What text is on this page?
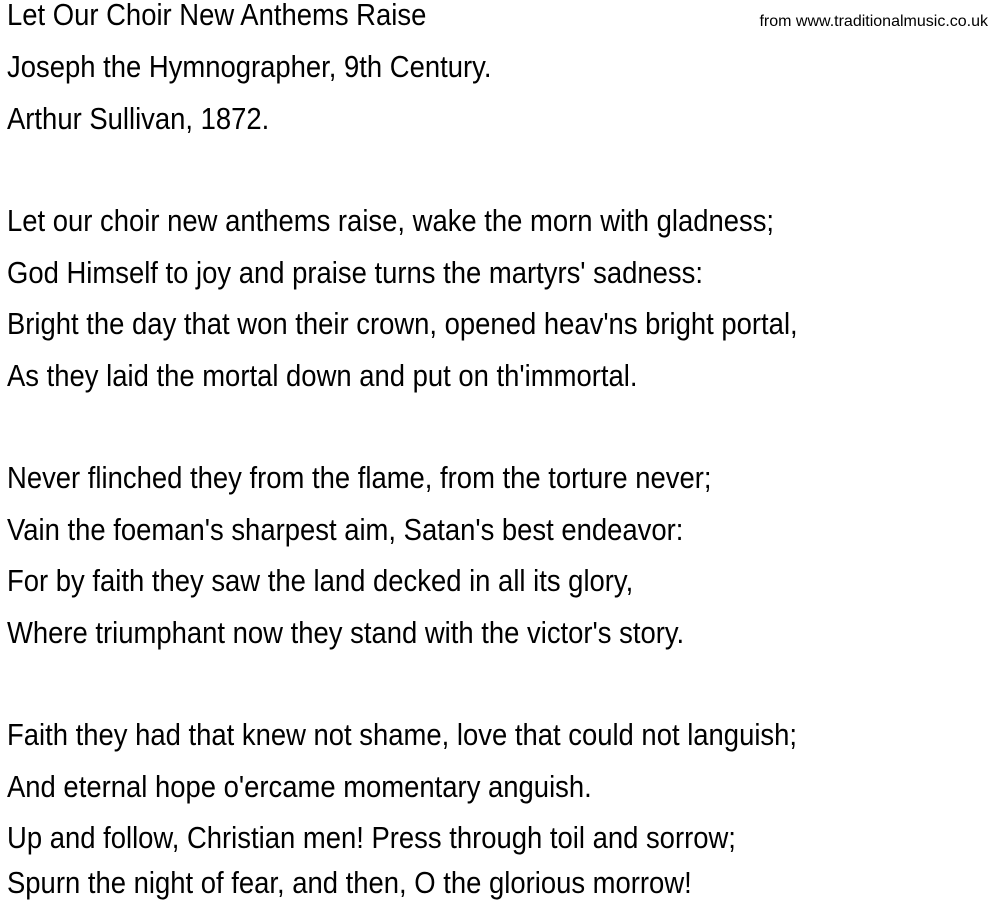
Let Our Choir New Anthems Raise	from www.traditionalmusic.co.uk
Joseph the Hymnographer, 9th Century.
Arthur Sullivan, 1872.
Let our choir new anthems raise, wake the morn with gladness;
God Himself to joy and praise turns the martyrs' sadness:
Bright the day that won their crown, opened heav'ns bright portal,
As they laid the mortal down and put on th'immortal.
Never flinched they from the flame, from the torture never;
Vain the foeman's sharpest aim, Satan's best endeavor:
For by faith they saw the land decked in all its glory,
Where triumphant now they stand with the victor's story.
Faith they had that knew not shame, love that could not languish;
And eternal hope o'ercame momentary anguish.
Up and follow, Christian men! Press through toil and sorrow;
Spurn the night of fear, and then, O the glorious morrow!
